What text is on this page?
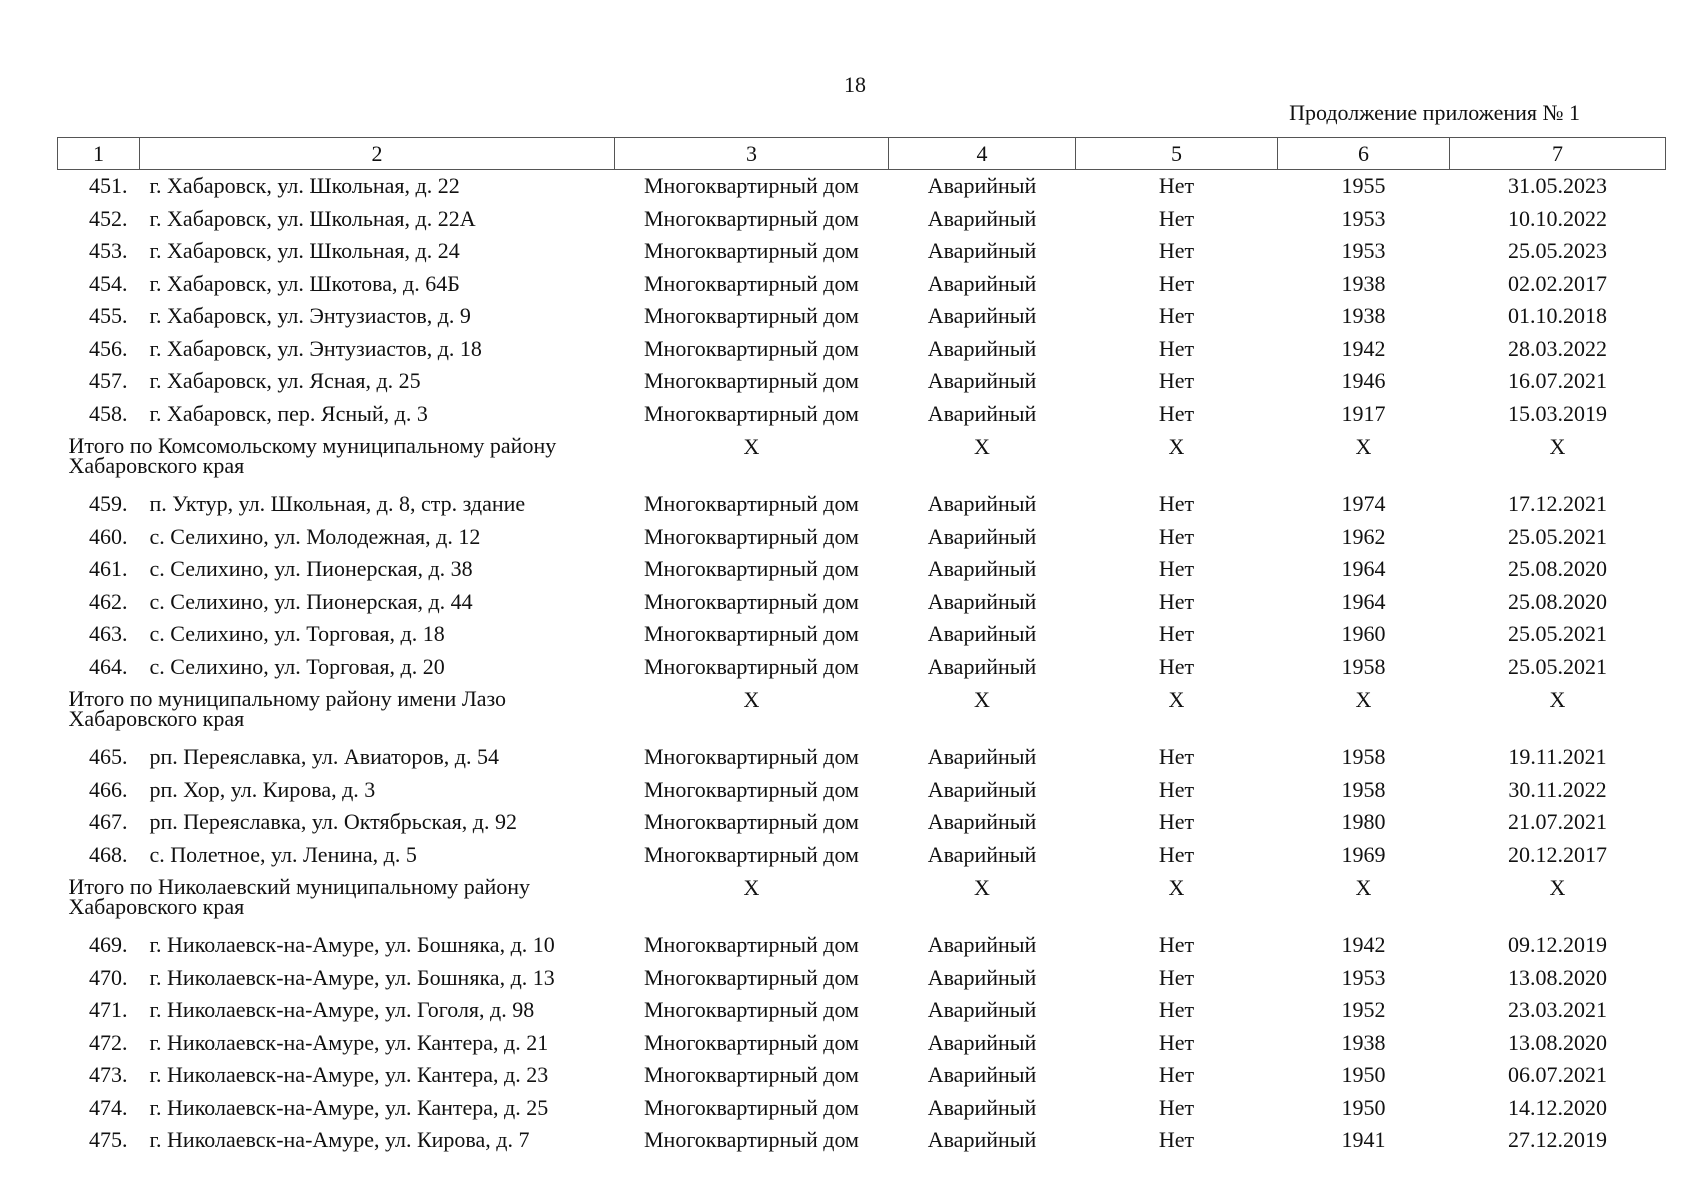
18
Продолжение приложения № 1
1	2	3	4	5	6	7
451.	г. Хабаровск, ул. Школьная, д. 22	Многоквартирный дом	Аварийный	Нет	1955	31.05.2023
452.	г. Хабаровск, ул. Школьная, д. 22А	Многоквартирный дом	Аварийный	Нет	1953	10.10.2022
453.	г. Хабаровск, ул. Школьная, д. 24	Многоквартирный дом	Аварийный	Нет	1953	25.05.2023
454.	г. Хабаровск, ул. Шкотова, д. 64Б	Многоквартирный дом	Аварийный	Нет	1938	02.02.2017
455.	г. Хабаровск, ул. Энтузиастов, д. 9	Многоквартирный дом	Аварийный	Нет	1938	01.10.2018
456.	г. Хабаровск, ул. Энтузиастов, д. 18	Многоквартирный дом	Аварийный	Нет	1942	28.03.2022
457.	г. Хабаровск, ул. Ясная, д. 25	Многоквартирный дом	Аварийный	Нет	1946	16.07.2021
458.	г. Хабаровск, пер. Ясный, д. 3	Многоквартирный дом	Аварийный	Нет	1917	15.03.2019
Итого по Комсомольскому муниципальному району Хабаровского края		X	X	X	X	X
459.	п. Уктур, ул. Школьная, д. 8, стр. здание	Многоквартирный дом	Аварийный	Нет	1974	17.12.2021
460.	с. Селихино, ул. Молодежная, д. 12	Многоквартирный дом	Аварийный	Нет	1962	25.05.2021
461.	с. Селихино, ул. Пионерская, д. 38	Многоквартирный дом	Аварийный	Нет	1964	25.08.2020
462.	с. Селихино, ул. Пионерская, д. 44	Многоквартирный дом	Аварийный	Нет	1964	25.08.2020
463.	с. Селихино, ул. Торговая, д. 18	Многоквартирный дом	Аварийный	Нет	1960	25.05.2021
464.	с. Селихино, ул. Торговая, д. 20	Многоквартирный дом	Аварийный	Нет	1958	25.05.2021
Итого по муниципальному району имени Лазо Хабаровского края		X	X	X	X	X
465.	рп. Переяславка, ул. Авиаторов, д. 54	Многоквартирный дом	Аварийный	Нет	1958	19.11.2021
466.	рп. Хор, ул. Кирова, д. 3	Многоквартирный дом	Аварийный	Нет	1958	30.11.2022
467.	рп. Переяславка, ул. Октябрьская, д. 92	Многоквартирный дом	Аварийный	Нет	1980	21.07.2021
468.	с. Полетное, ул. Ленина, д. 5	Многоквартирный дом	Аварийный	Нет	1969	20.12.2017
Итого по Николаевский муниципальному району Хабаровского края		X	X	X	X	X
469.	г. Николаевск-на-Амуре, ул. Бошняка, д. 10	Многоквартирный дом	Аварийный	Нет	1942	09.12.2019
470.	г. Николаевск-на-Амуре, ул. Бошняка, д. 13	Многоквартирный дом	Аварийный	Нет	1953	13.08.2020
471.	г. Николаевск-на-Амуре, ул. Гоголя, д. 98	Многоквартирный дом	Аварийный	Нет	1952	23.03.2021
472.	г. Николаевск-на-Амуре, ул. Кантера, д. 21	Многоквартирный дом	Аварийный	Нет	1938	13.08.2020
473.	г. Николаевск-на-Амуре, ул. Кантера, д. 23	Многоквартирный дом	Аварийный	Нет	1950	06.07.2021
474.	г. Николаевск-на-Амуре, ул. Кантера, д. 25	Многоквартирный дом	Аварийный	Нет	1950	14.12.2020
475.	г. Николаевск-на-Амуре, ул. Кирова, д. 7	Многоквартирный дом	Аварийный	Нет	1941	27.12.2019
